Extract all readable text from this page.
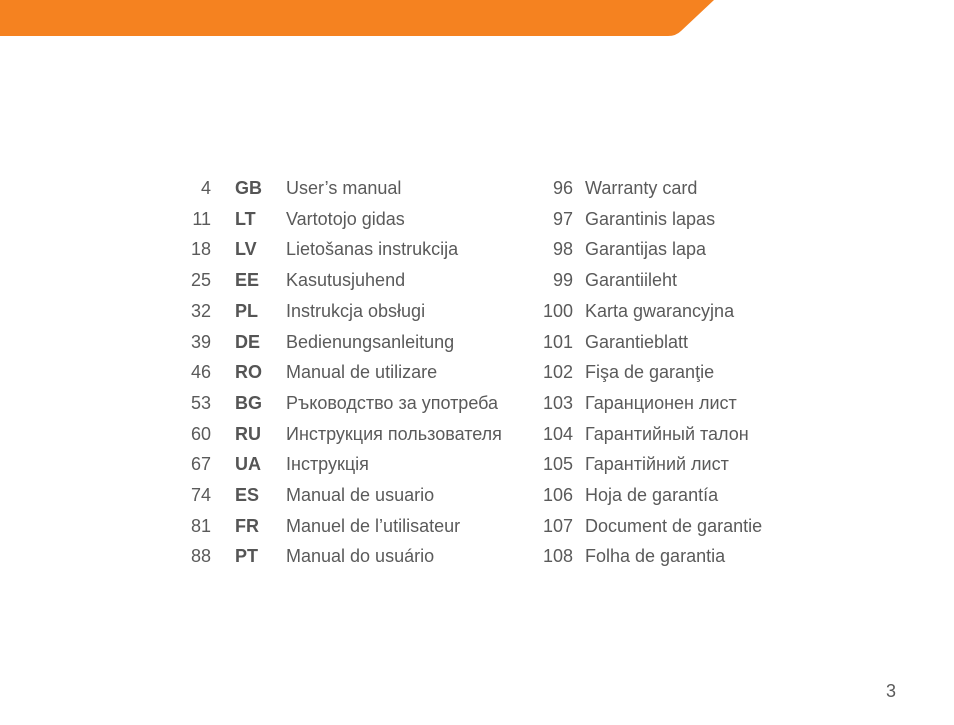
4 GB User’s manual
11 LT Vartotojo gidas
18 LV Lietošanas instrukcija
25 EE Kasutusjuhend
32 PL Instrukcja obsługi
39 DE Bedienungsanleitung
46 RO Manual de utilizare
53 BG Ръководство за употреба
60 RU Инструкция пользователя
67 UA Інструкція
74 ES Manual de usuario
81 FR Manuel de l’utilisateur
88 PT Manual do usuário
96 Warranty card
97 Garantinis lapas
98 Garantijas lapa
99 Garantiileht
100 Karta gwarancyjna
101 Garantieblatt
102 Fişa de garanţie
103 Гаранционен лист
104 Гарантийный талон
105 Гарантійний лист
106 Hoja de garantía
107 Document de garantie
108 Folha de garantia
3
